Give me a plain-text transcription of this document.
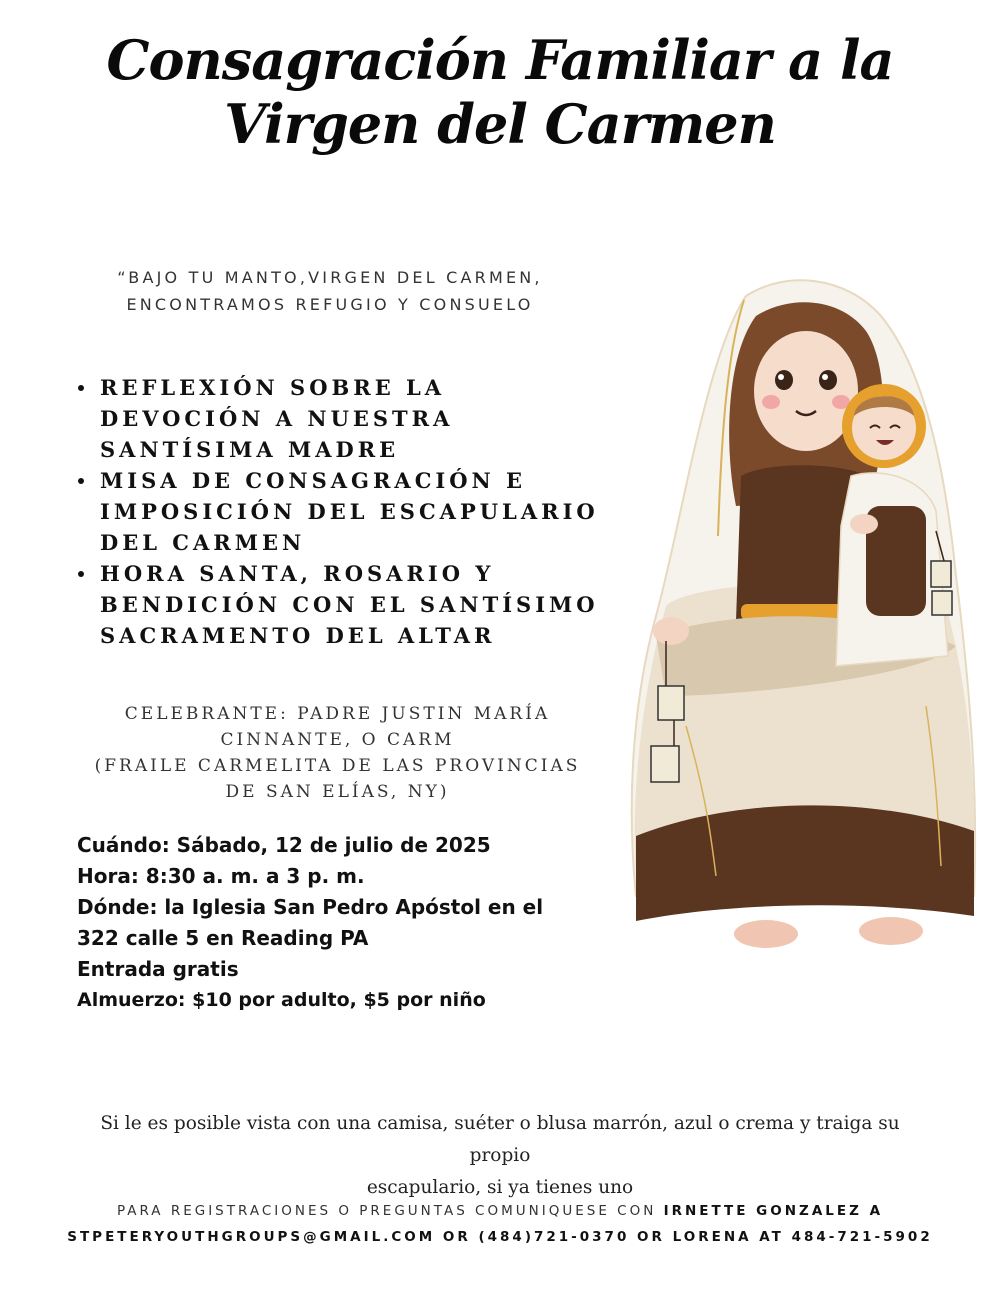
Consagración Familiar a la
Virgen del Carmen
“BAJO TU MANTO,VIRGEN DEL CARMEN,
ENCONTRAMOS REFUGIO Y CONSUELO
REFLEXIÓN SOBRE LA DEVOCIÓN A NUESTRA SANTÍSIMA MADRE
MISA DE CONSAGRACIÓN E IMPOSICIÓN DEL ESCAPULARIO DEL CARMEN
HORA SANTA, ROSARIO Y BENDICIÓN CON EL SANTÍSIMO SACRAMENTO DEL ALTAR
CELEBRANTE: PADRE JUSTIN MARÍA
CINNANTE, O CARM
(FRAILE CARMELITA DE LAS PROVINCIAS
DE SAN ELÍAS, NY)
Cuándo: Sábado, 12 de julio de 2025
Hora: 8:30 a. m. a 3 p. m.
Dónde: la Iglesia San Pedro Apóstol en el
322 calle 5 en Reading PA
Entrada gratis
Almuerzo: $10 por adulto, $5 por niño
Si le es posible vista con una camisa, suéter o blusa marrón, azul o crema y traiga su propio
escapulario, si ya tienes uno
PARA REGISTRACIONES O PREGUNTAS COMUNIQUESE CON IRNETTE GONZALEZ A
STPETERYOUTHGROUPS@GMAIL.COM OR (484)721-0370 OR LORENA AT 484-721-5902
